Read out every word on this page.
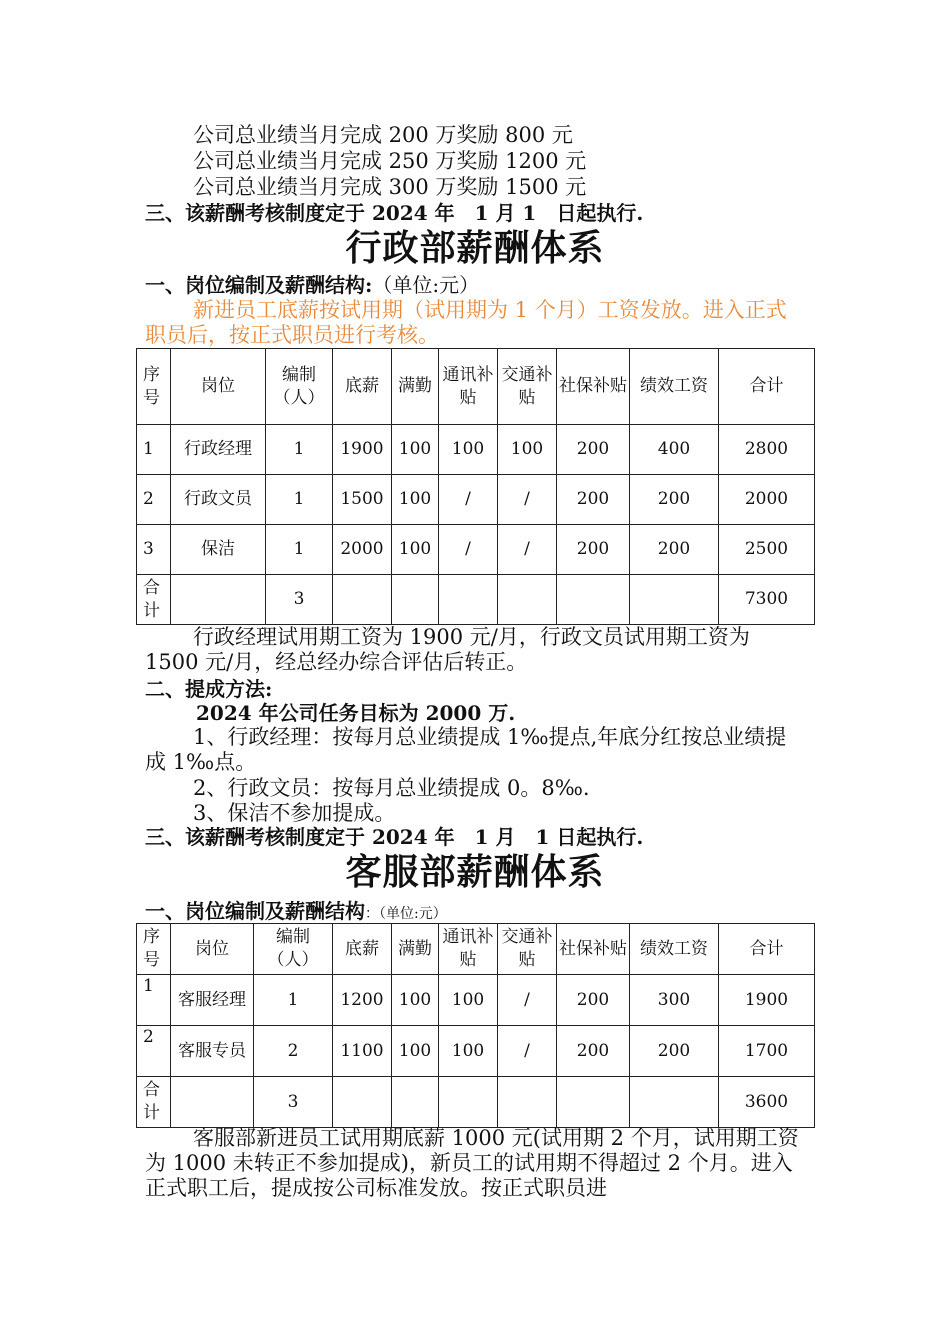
公司总业绩当月完成 200 万奖励 800 元
公司总业绩当月完成 250 万奖励 1200 元
公司总业绩当月完成 300 万奖励 1500 元
三、该薪酬考核制度定于 2024 年　1 月 1　日起执行.
行政部薪酬体系
一、岗位编制及薪酬结构:（单位:元）
新进员工底薪按试用期（试用期为 1 个月）工资发放。进入正式职员后，按正式职员进行考核。
序号	岗位	编制（人）	底薪	满勤	通讯补贴	交通补贴	社保补贴	绩效工资	合计
1	行政经理	1	1900	100	100	100	200	400	2800
2	行政文员	1	1500	100	/	/	200	200	2000
3	保洁	1	2000	100	/	/	200	200	2500
合计		3							7300
行政经理试用期工资为 1900 元/月，行政文员试用期工资为 1500 元/月，经总经办综合评估后转正。
二、提成方法:
2024 年公司任务目标为 2000 万.
1、行政经理：按每月总业绩提成 1‰提点,年底分红按总业绩提成 1‰点。
2、行政文员：按每月总业绩提成 0。8‰.
3、保洁不参加提成。
三、该薪酬考核制度定于 2024 年　1 月　1 日起执行.
客服部薪酬体系
一、岗位编制及薪酬结构：（单位:元）
序号	岗位	编制（人）	底薪	满勤	通讯补贴	交通补贴	社保补贴	绩效工资	合计
1	客服经理	1	1200	100	100	/	200	300	1900
2	客服专员	2	1100	100	100	/	200	200	1700
合计		3							3600
客服部新进员工试用期底薪 1000 元(试用期 2 个月，试用期工资为 1000 未转正不参加提成)，新员工的试用期不得超过 2 个月。进入正式职工后，提成按公司标准发放。按正式职员进
